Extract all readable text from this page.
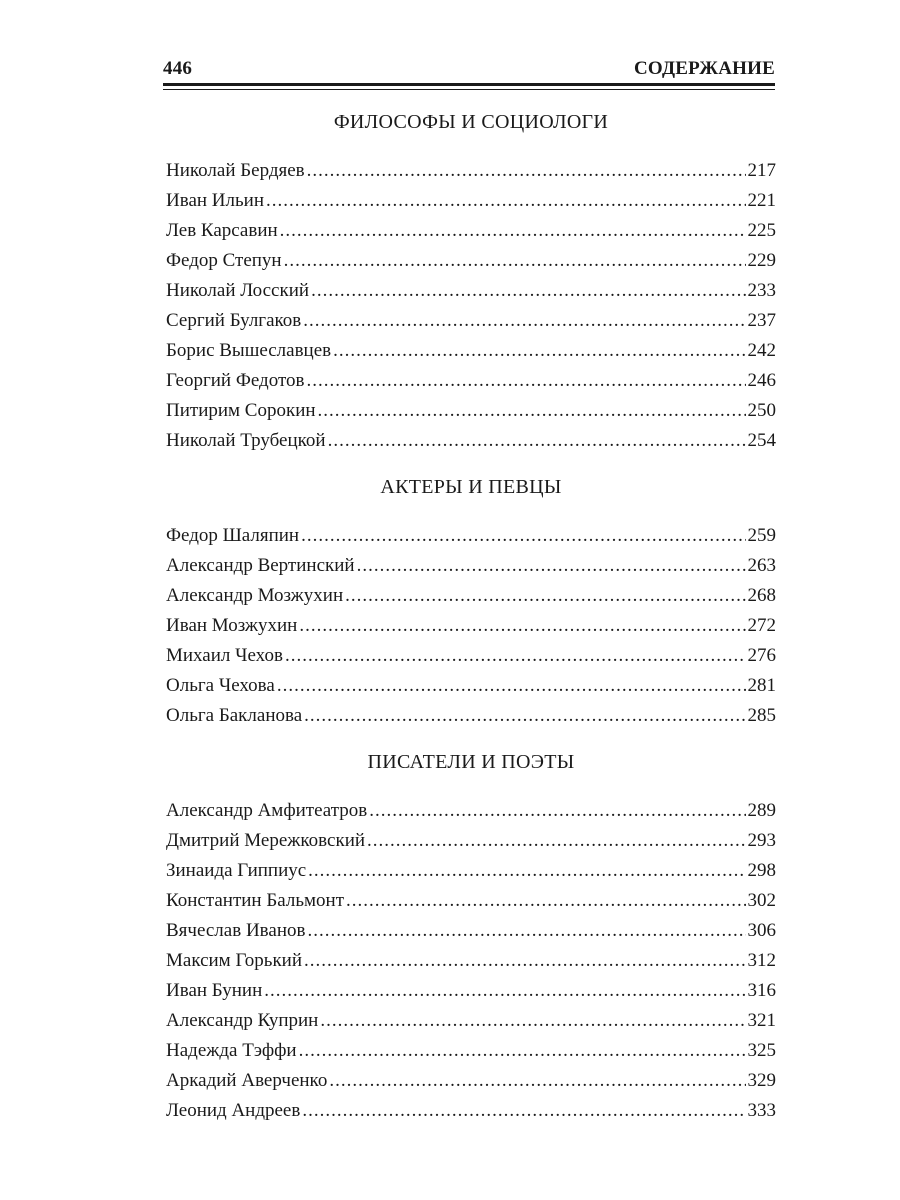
446	СОДЕРЖАНИЕ
ФИЛОСОФЫ И СОЦИОЛОГИ
Николай Бердяев .....	217
Иван Ильин .....	221
Лев Карсавин .....	225
Федор Степун .....	229
Николай Лосский .....	233
Сергий Булгаков .....	237
Борис Вышеславцев .....	242
Георгий Федотов .....	246
Питирим Сорокин .....	250
Николай Трубецкой .....	254
АКТЕРЫ И ПЕВЦЫ
Федор Шаляпин .....	259
Александр Вертинский .....	263
Александр Мозжухин .....	268
Иван Мозжухин .....	272
Михаил Чехов .....	276
Ольга Чехова .....	281
Ольга Бакланова .....	285
ПИСАТЕЛИ И ПОЭТЫ
Александр Амфитеатров .....	289
Дмитрий Мережковский .....	293
Зинаида Гиппиус .....	298
Константин Бальмонт .....	302
Вячеслав Иванов .....	306
Максим Горький .....	312
Иван Бунин .....	316
Александр Куприн .....	321
Надежда Тэффи .....	325
Аркадий Аверченко .....	329
Леонид Андреев .....	333
